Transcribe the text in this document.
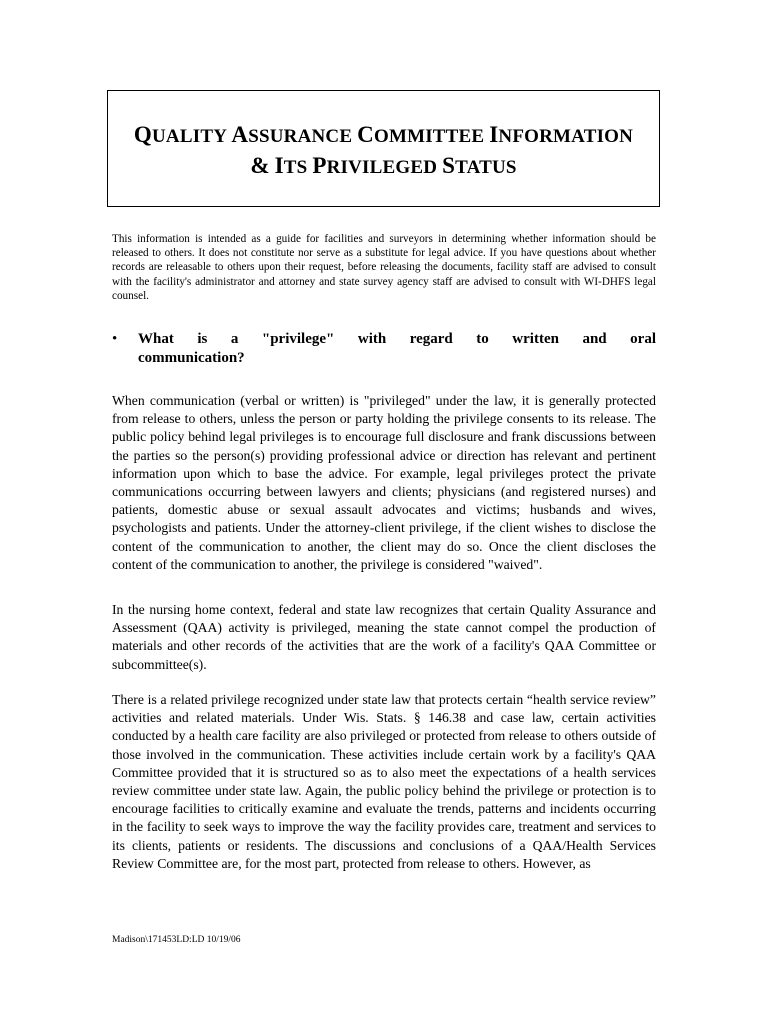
QUALITY ASSURANCE COMMITTEE INFORMATION
& ITS PRIVILEGED STATUS

This information is intended as a guide for facilities and surveyors in determining whether information should be released to others. It does not constitute nor serve as a substitute for legal advice. If you have questions about whether records are releasable to others upon their request, before releasing the documents, facility staff are advised to consult with the facility's administrator and attorney and state survey agency staff are advised to consult with WI-DHFS legal counsel.

•	What is a "privilege" with regard to written and oral
communication?

When communication (verbal or written) is "privileged" under the law, it is generally protected from release to others, unless the person or party holding the privilege consents to its release. The public policy behind legal privileges is to encourage full disclosure and frank discussions between the parties so the person(s) providing professional advice or direction has relevant and pertinent information upon which to base the advice. For example, legal privileges protect the private communications occurring between lawyers and clients; physicians (and registered nurses) and patients, domestic abuse or sexual assault advocates and victims; husbands and wives, psychologists and patients. Under the attorney-client privilege, if the client wishes to disclose the content of the communication to another, the client may do so. Once the client discloses the content of the communication to another, the privilege is considered "waived".

In the nursing home context, federal and state law recognizes that certain Quality Assurance and Assessment (QAA) activity is privileged, meaning the state cannot compel the production of materials and other records of the activities that are the work of a facility's QAA Committee or subcommittee(s).

There is a related privilege recognized under state law that protects certain “health service review” activities and related materials. Under Wis. Stats. § 146.38 and case law, certain activities conducted by a health care facility are also privileged or protected from release to others outside of those involved in the communication. These activities include certain work by a facility's QAA Committee provided that it is structured so as to also meet the expectations of a health services review committee under state law. Again, the public policy behind the privilege or protection is to encourage facilities to critically examine and evaluate the trends, patterns and incidents occurring in the facility to seek ways to improve the way the facility provides care, treatment and services to its clients, patients or residents. The discussions and conclusions of a QAA/Health Services Review Committee are, for the most part, protected from release to others. However, as

Madison\171453LD:LD 10/19/06
